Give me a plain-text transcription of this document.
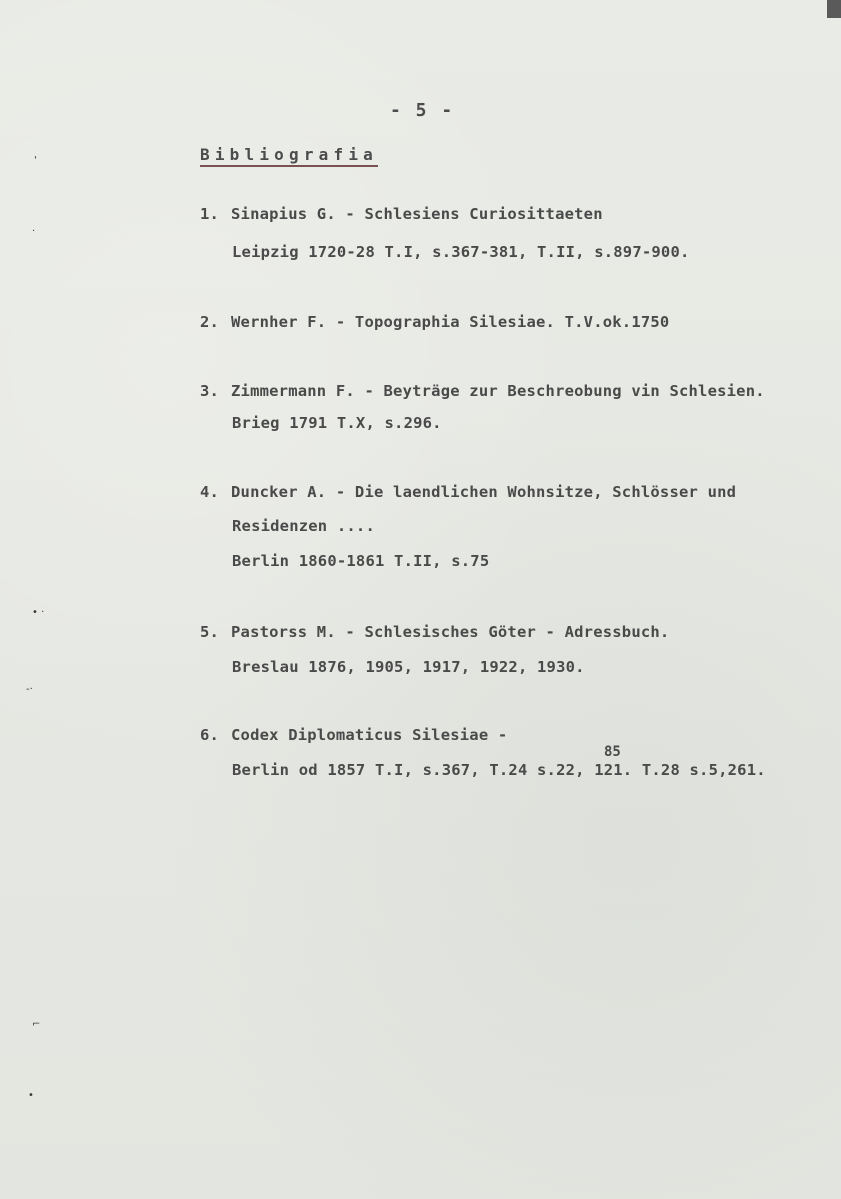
'
·
• ·
-·
⌐
•
- 5 -
Bibliografia
1. Sinapius G. - Schlesiens Curiosittaeten
Leipzig 1720-28 T.I, s.367-381, T.II, s.897-900.
2. Wernher F. - Topographia Silesiae. T.V.ok.1750
3. Zimmermann F. - Beyträge zur Beschreobung vin Schlesien.
Brieg 1791 T.X, s.296.
4. Duncker A. - Die laendlichen Wohnsitze, Schlösser und
Residenzen ....
Berlin 1860-1861 T.II, s.75
5. Pastorss M. - Schlesisches Göter - Adressbuch.
Breslau 1876, 1905, 1917, 1922, 1930.
6. Codex Diplomaticus Silesiae -
Berlin od 1857 T.I, s.367, T.24 s.22, 121. T.28 s.5,261.
85
